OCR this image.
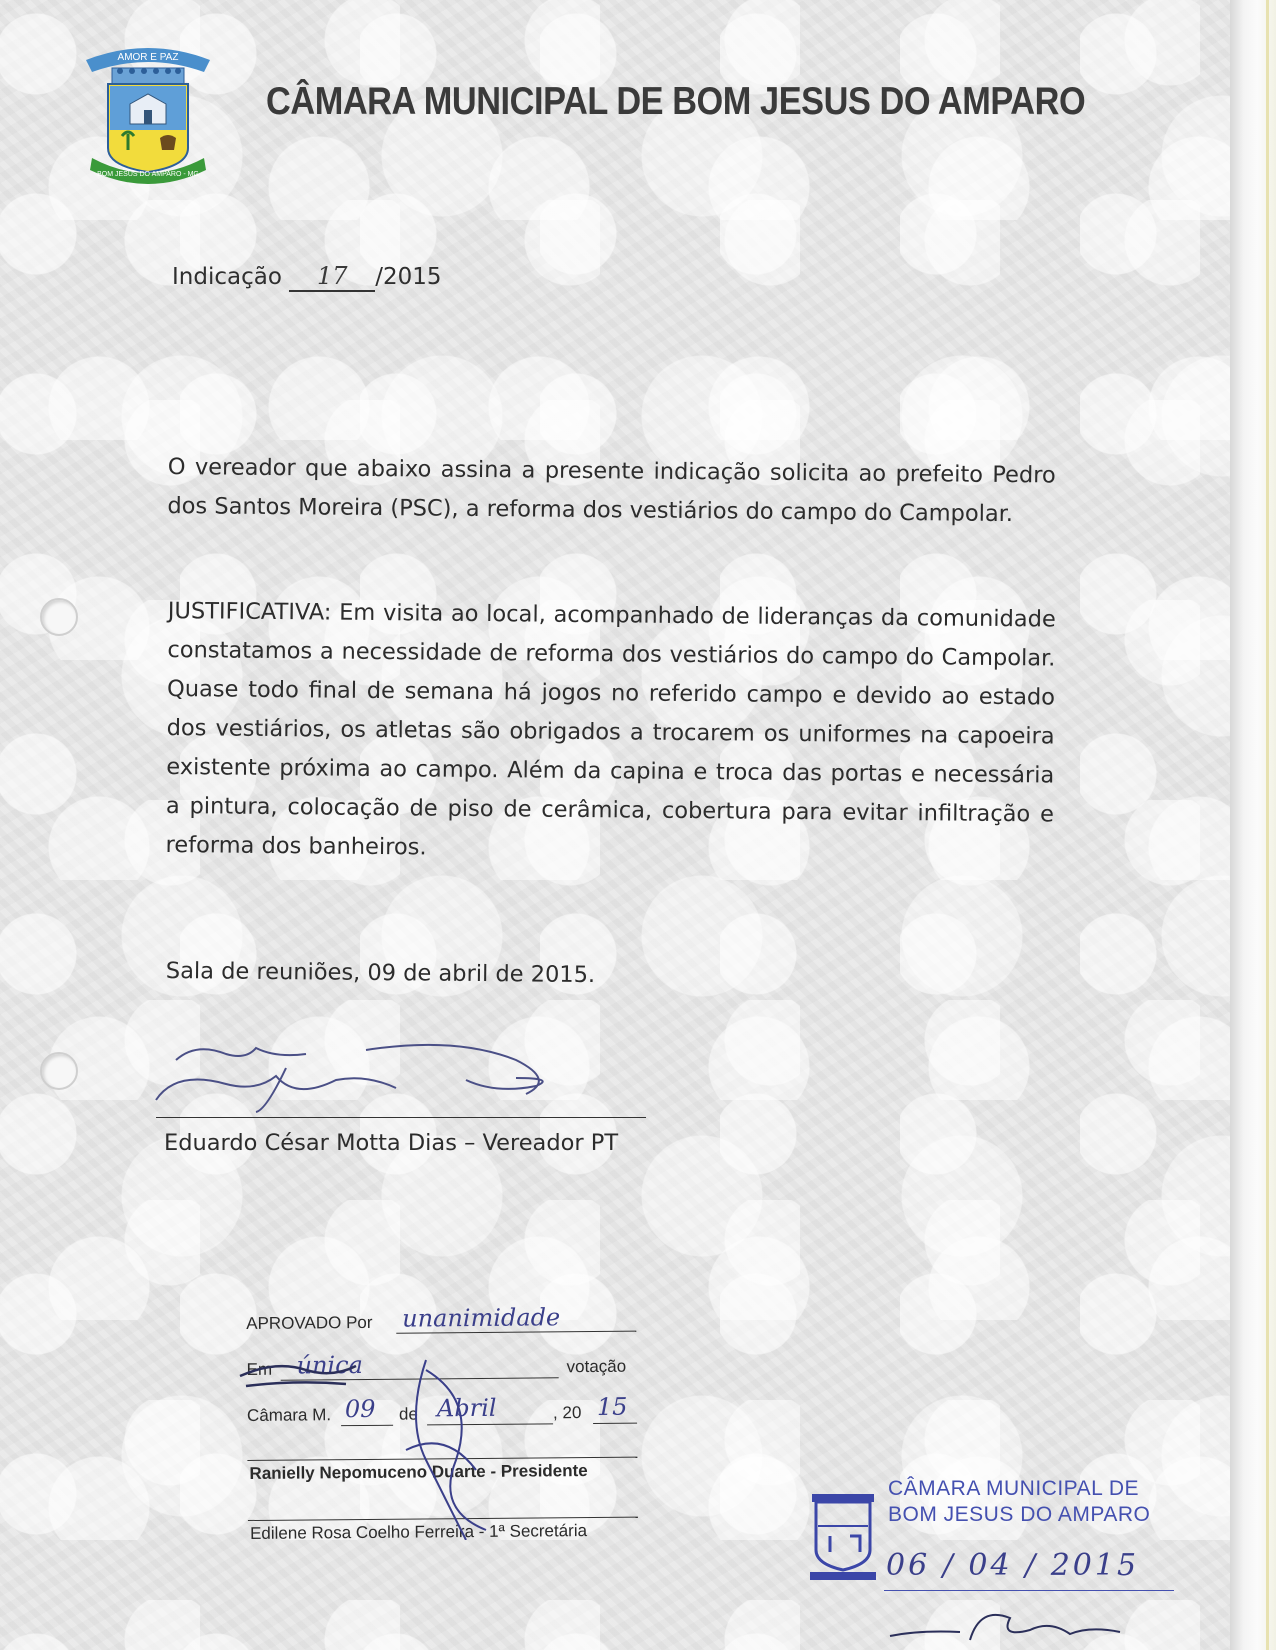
AMOR E PAZ
BOM JESUS DO AMPARO - MG
CÂMARA MUNICIPAL DE BOM JESUS DO AMPARO
Indicação 17 /2015

O vereador que abaixo assina a presente indicação solicita ao prefeito Pedro dos Santos Moreira (PSC), a reforma dos vestiários do campo do Campolar.

JUSTIFICATIVA: Em visita ao local, acompanhado de lideranças da comunidade constatamos a necessidade de reforma dos vestiários do campo do Campolar. Quase todo final de semana há jogos no referido campo e devido ao estado dos vestiários, os atletas são obrigados a trocarem os uniformes na capoeira existente próxima ao campo. Além da capina e troca das portas e necessária a pintura, colocação de piso de cerâmica, cobertura para evitar infiltração e reforma dos banheiros.

Sala de reuniões, 09 de abril de 2015.
Eduardo César Motta Dias – Vereador PT
APROVADO Por unanimidade
Em única	votação
Câmara M. 09 de Abril	, 20 15
Ranielly Nepomuceno Duarte - Presidente
Edilene Rosa Coelho Ferreira - 1ª Secretária
CÂMARA MUNICIPAL DE
BOM JESUS DO AMPARO
06 / 04 / 2015
